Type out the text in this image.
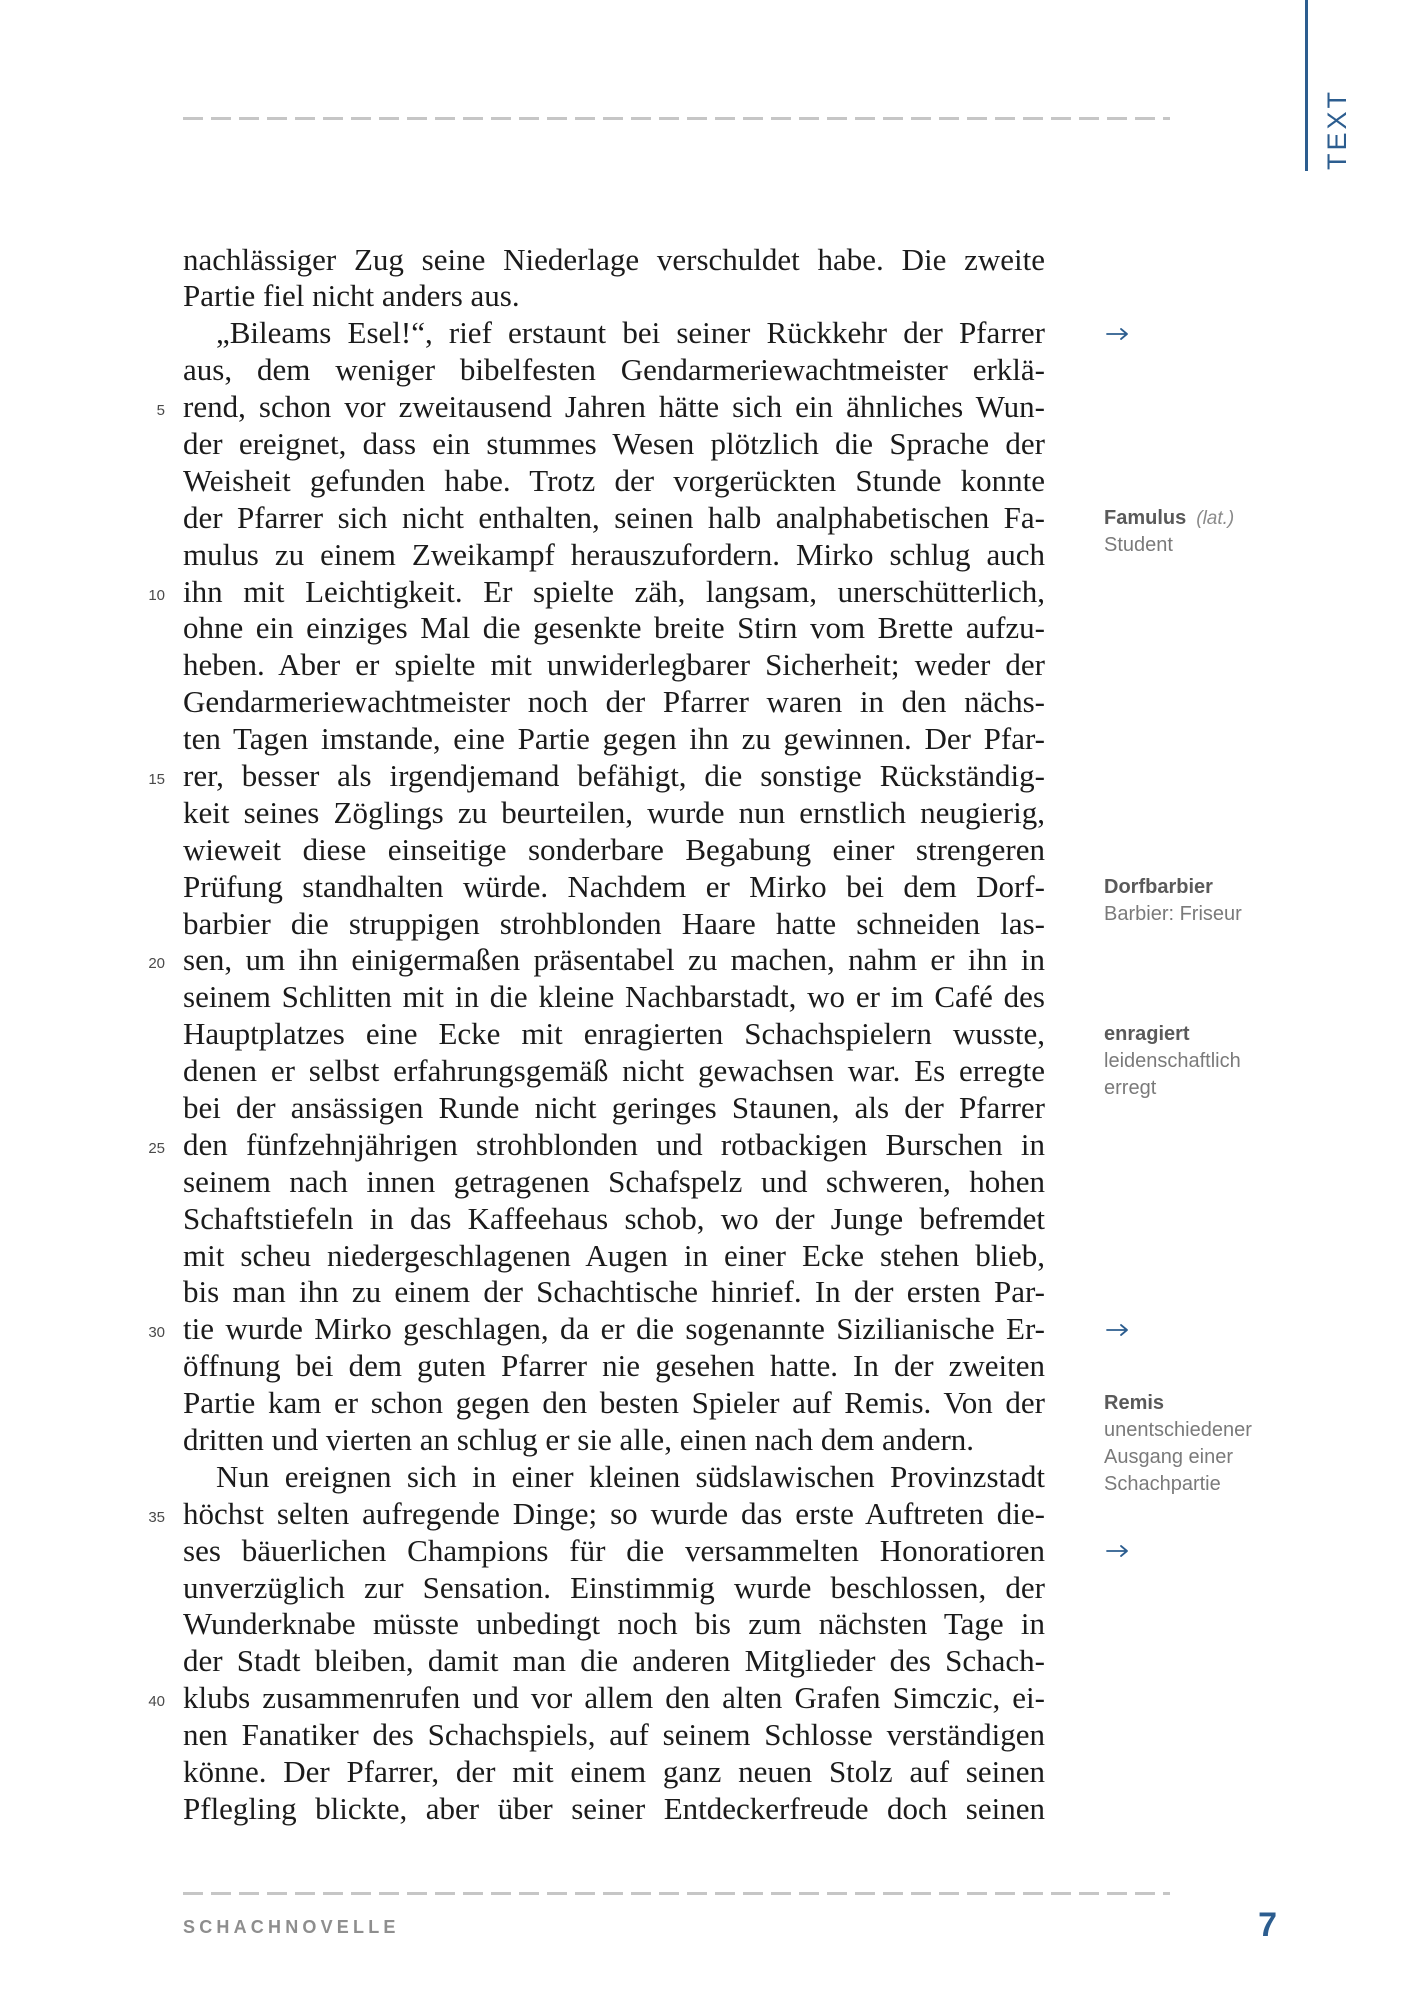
TEXT
nachlässiger Zug seine Niederlage verschuldet habe. Die zweite
Partie fiel nicht anders aus.
„Bileams Esel!“, rief erstaunt bei seiner Rückkehr der Pfarrer
aus, dem weniger bibelfesten Gendarmeriewachtmeister erklä-
5 rend, schon vor zweitausend Jahren hätte sich ein ähnliches Wun-
der ereignet, dass ein stummes Wesen plötzlich die Sprache der
Weisheit gefunden habe. Trotz der vorgerückten Stunde konnte
der Pfarrer sich nicht enthalten, seinen halb analphabetischen Fa-
mulus zu einem Zweikampf herauszufordern. Mirko schlug auch
10 ihn mit Leichtigkeit. Er spielte zäh, langsam, unerschütterlich,
ohne ein einziges Mal die gesenkte breite Stirn vom Brette aufzu-
heben. Aber er spielte mit unwiderlegbarer Sicherheit; weder der
Gendarmeriewachtmeister noch der Pfarrer waren in den nächs-
ten Tagen imstande, eine Partie gegen ihn zu gewinnen. Der Pfar-
15 rer, besser als irgendjemand befähigt, die sonstige Rückständig-
keit seines Zöglings zu beurteilen, wurde nun ernstlich neugierig,
wieweit diese einseitige sonderbare Begabung einer strengeren
Prüfung standhalten würde. Nachdem er Mirko bei dem Dorf-
barbier die struppigen strohblonden Haare hatte schneiden las-
20 sen, um ihn einigermaßen präsentabel zu machen, nahm er ihn in
seinem Schlitten mit in die kleine Nachbarstadt, wo er im Café des
Hauptplatzes eine Ecke mit enragierten Schachspielern wusste,
denen er selbst erfahrungsgemäß nicht gewachsen war. Es erregte
bei der ansässigen Runde nicht geringes Staunen, als der Pfarrer
25 den fünfzehnjährigen strohblonden und rotbackigen Burschen in
seinem nach innen getragenen Schafspelz und schweren, hohen
Schaftstiefeln in das Kaffeehaus schob, wo der Junge befremdet
mit scheu niedergeschlagenen Augen in einer Ecke stehen blieb,
bis man ihn zu einem der Schachtische hinrief. In der ersten Par-
30 tie wurde Mirko geschlagen, da er die sogenannte Sizilianische Er-
öffnung bei dem guten Pfarrer nie gesehen hatte. In der zweiten
Partie kam er schon gegen den besten Spieler auf Remis. Von der
dritten und vierten an schlug er sie alle, einen nach dem andern.
Nun ereignen sich in einer kleinen südslawischen Provinzstadt
35 höchst selten aufregende Dinge; so wurde das erste Auftreten die-
ses bäuerlichen Champions für die versammelten Honoratioren
unverzüglich zur Sensation. Einstimmig wurde beschlossen, der
Wunderknabe müsste unbedingt noch bis zum nächsten Tage in
der Stadt bleiben, damit man die anderen Mitglieder des Schach-
40 klubs zusammenrufen und vor allem den alten Grafen Simczic, ei-
nen Fanatiker des Schachspiels, auf seinem Schlosse verständigen
könne. Der Pfarrer, der mit einem ganz neuen Stolz auf seinen
Pflegling blickte, aber über seiner Entdeckerfreude doch seinen
Famulus (lat.)
Student
Dorfbarbier
Barbier: Friseur
enragiert
leidenschaftlich erregt
Remis
unentschiedener Ausgang einer Schachpartie
SCHACHNOVELLE	7
